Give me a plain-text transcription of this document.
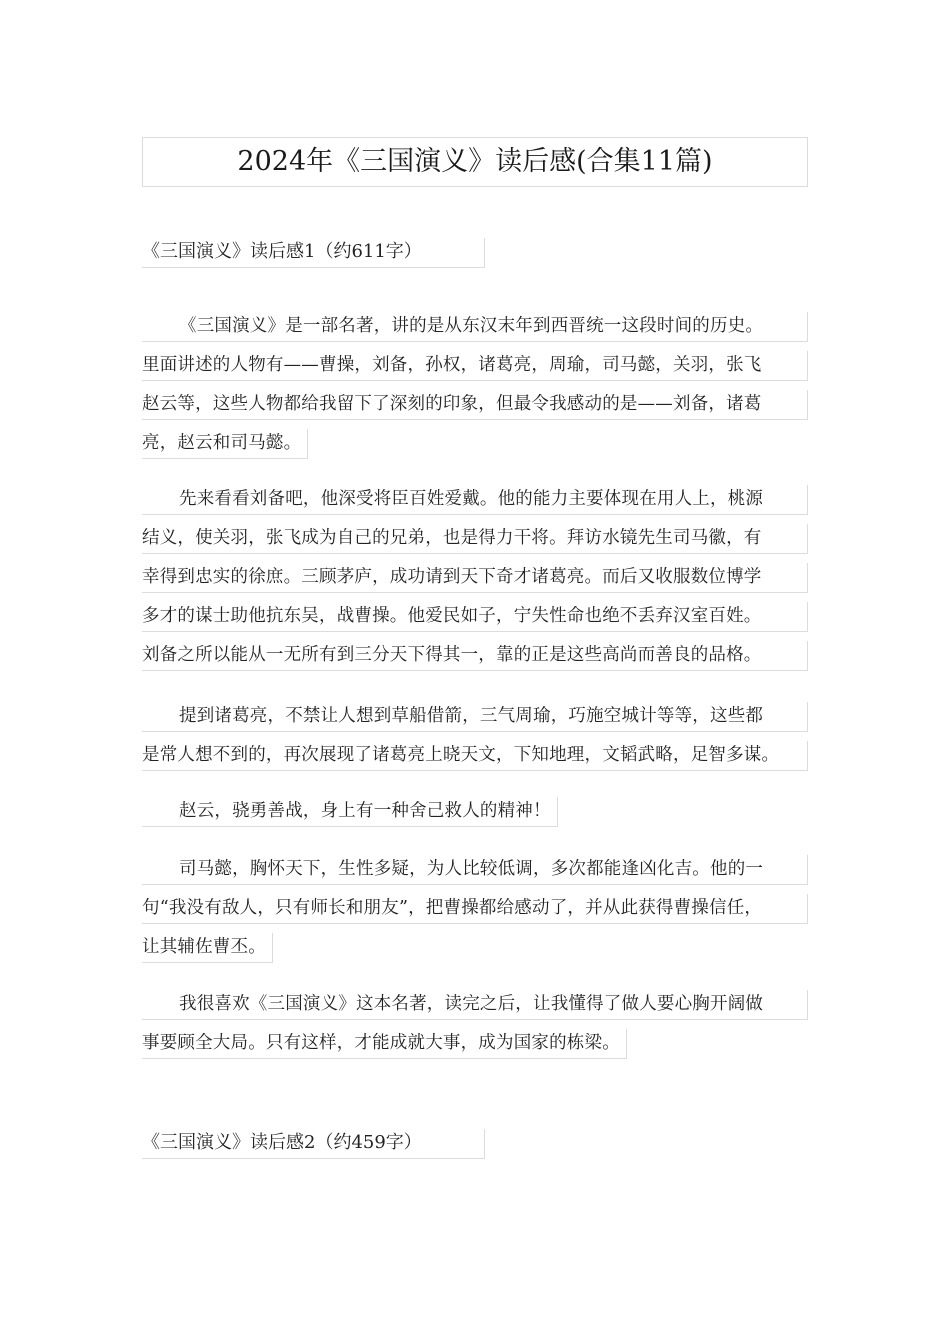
2024年《三国演义》读后感(合集11篇)
《三国演义》读后感1（约611字）
《三国演义》是一部名著，讲的是从东汉末年到西晋统一这段时间的历史。
里面讲述的人物有——曹操，刘备，孙权，诸葛亮，周瑜，司马懿，关羽，张飞
赵云等，这些人物都给我留下了深刻的印象，但最令我感动的是——刘备，诸葛
亮，赵云和司马懿。
先来看看刘备吧，他深受将臣百姓爱戴。他的能力主要体现在用人上，桃源
结义，使关羽，张飞成为自己的兄弟，也是得力干将。拜访水镜先生司马徽，有
幸得到忠实的徐庶。三顾茅庐，成功请到天下奇才诸葛亮。而后又收服数位博学
多才的谋士助他抗东吴，战曹操。他爱民如子，宁失性命也绝不丢弃汉室百姓。
刘备之所以能从一无所有到三分天下得其一，靠的正是这些高尚而善良的品格。
提到诸葛亮，不禁让人想到草船借箭，三气周瑜，巧施空城计等等，这些都
是常人想不到的，再次展现了诸葛亮上晓天文，下知地理，文韬武略，足智多谋。
赵云，骁勇善战，身上有一种舍己救人的精神！
司马懿，胸怀天下，生性多疑，为人比较低调，多次都能逢凶化吉。他的一
句“我没有敌人，只有师长和朋友”，把曹操都给感动了，并从此获得曹操信任，
让其辅佐曹丕。
我很喜欢《三国演义》这本名著，读完之后，让我懂得了做人要心胸开阔做
事要顾全大局。只有这样，才能成就大事，成为国家的栋梁。
《三国演义》读后感2（约459字）
